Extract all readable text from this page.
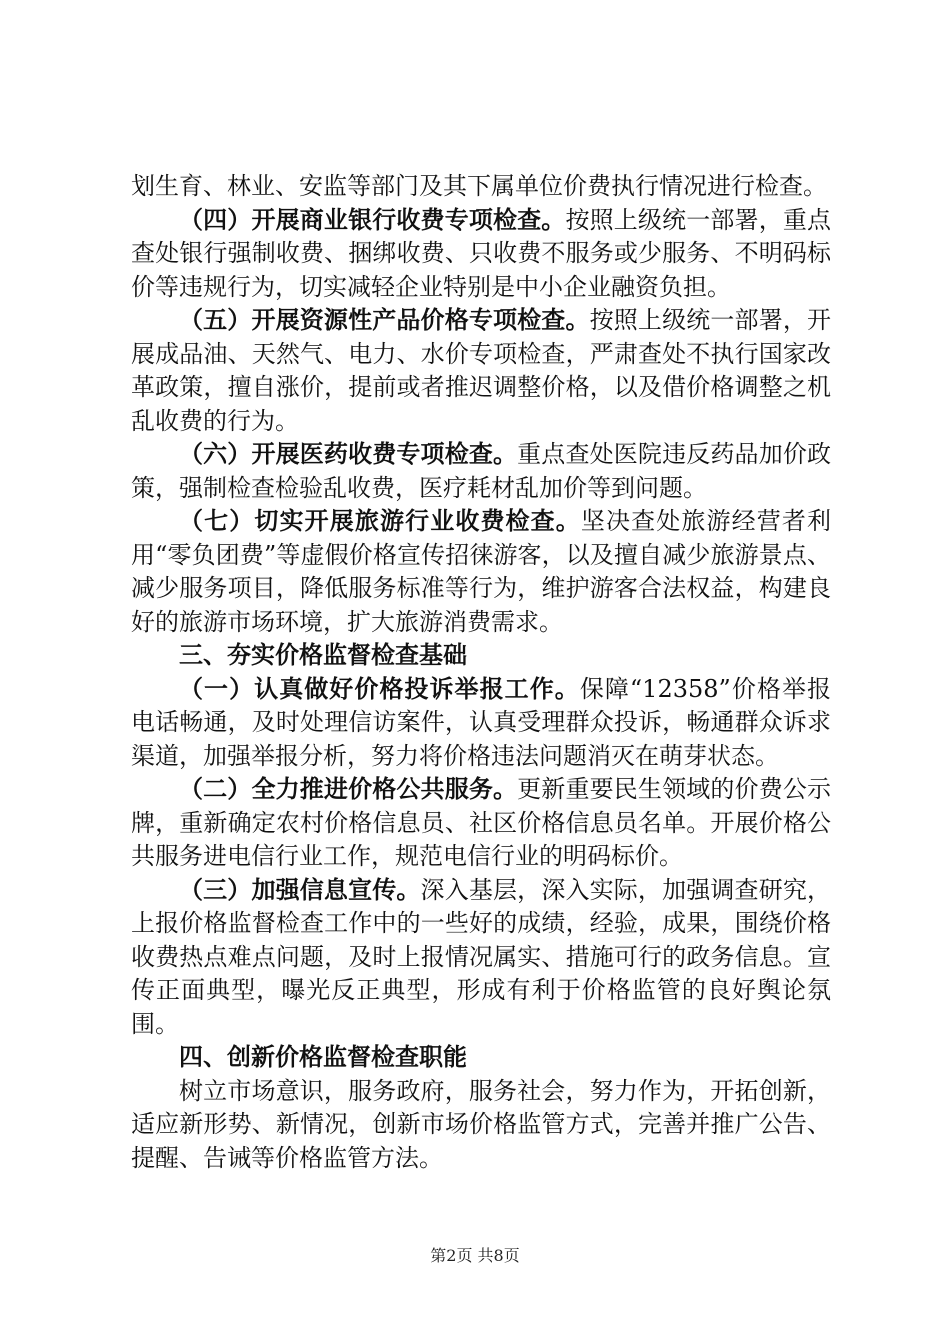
划生育、林业、安监等部门及其下属单位价费执行情况进行检查。

（四）开展商业银行收费专项检查。按照上级统一部署，重点查处银行强制收费、捆绑收费、只收费不服务或少服务、不明码标价等违规行为，切实减轻企业特别是中小企业融资负担。

（五）开展资源性产品价格专项检查。按照上级统一部署，开展成品油、天然气、电力、水价专项检查，严肃查处不执行国家改革政策，擅自涨价，提前或者推迟调整价格，以及借价格调整之机乱收费的行为。

（六）开展医药收费专项检查。重点查处医院违反药品加价政策，强制检查检验乱收费，医疗耗材乱加价等到问题。

（七）切实开展旅游行业收费检查。坚决查处旅游经营者利用“零负团费”等虚假价格宣传招徕游客，以及擅自减少旅游景点、减少服务项目，降低服务标准等行为，维护游客合法权益，构建良好的旅游市场环境，扩大旅游消费需求。

三、夯实价格监督检查基础

（一）认真做好价格投诉举报工作。保障“12358”价格举报电话畅通，及时处理信访案件，认真受理群众投诉，畅通群众诉求渠道，加强举报分析，努力将价格违法问题消灭在萌芽状态。

（二）全力推进价格公共服务。更新重要民生领域的价费公示牌，重新确定农村价格信息员、社区价格信息员名单。开展价格公共服务进电信行业工作，规范电信行业的明码标价。

（三）加强信息宣传。深入基层，深入实际，加强调查研究，上报价格监督检查工作中的一些好的成绩，经验，成果，围绕价格收费热点难点问题，及时上报情况属实、措施可行的政务信息。宣传正面典型，曝光反正典型，形成有利于价格监管的良好舆论氛围。

四、创新价格监督检查职能

树立市场意识，服务政府，服务社会，努力作为，开拓创新，适应新形势、新情况，创新市场价格监管方式，完善并推广公告、提醒、告诫等价格监管方法。

第2页 共8页
